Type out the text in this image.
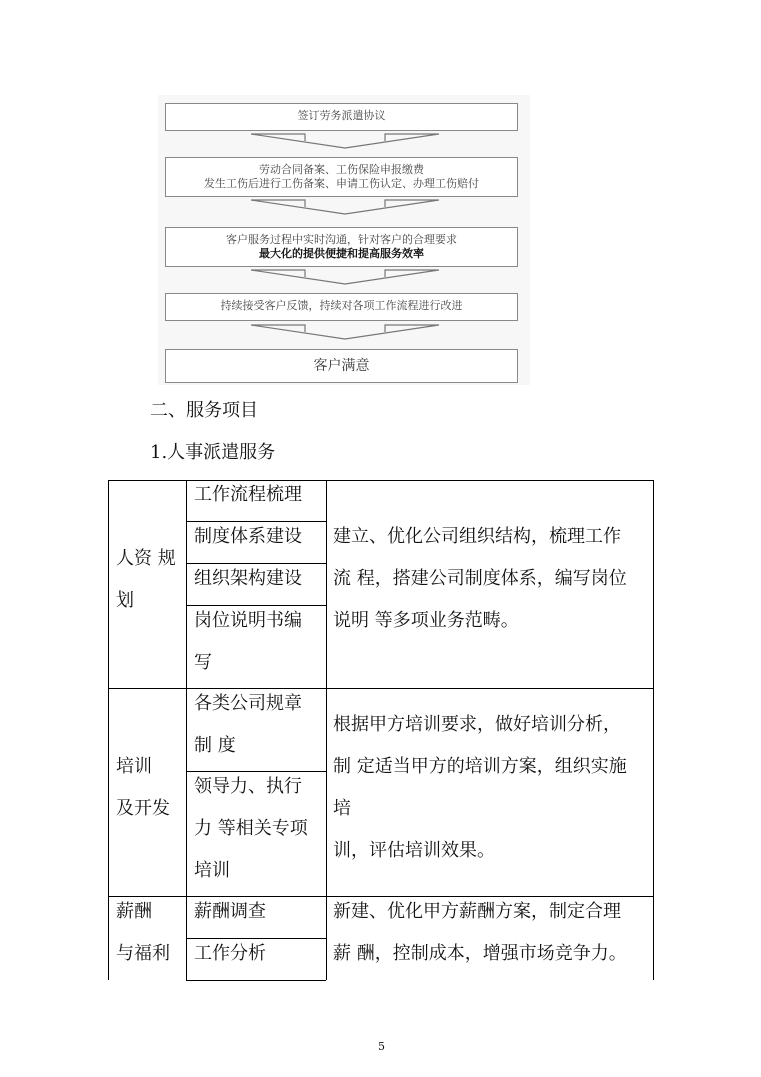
签订劳务派遣协议
劳动合同备案、工伤保险申报缴费
发生工伤后进行工伤备案、申请工伤认定、办理工伤赔付
客户服务过程中实时沟通，针对客户的合理要求
最大化的提供便捷和提高服务效率
持续接受客户反馈，持续对各项工作流程进行改进
客户满意
二、服务项目
1.人事派遣服务
人资 规
划
工作流程梳理
制度体系建设
组织架构建设
岗位说明书编
写
建立、优化公司组织结构，梳理工作
流 程，搭建公司制度体系，编写岗位
说明 等多项业务范畴。
培训
及开发
各类公司规章
制 度
领导力、执行
力 等相关专项
培训
根据甲方培训要求，做好培训分析，
制 定适当甲方的培训方案，组织实施
培
训，评估培训效果。
薪酬
与福利
薪酬调查
工作分析
新建、优化甲方薪酬方案，制定合理
薪 酬，控制成本，增强市场竞争力。
5
